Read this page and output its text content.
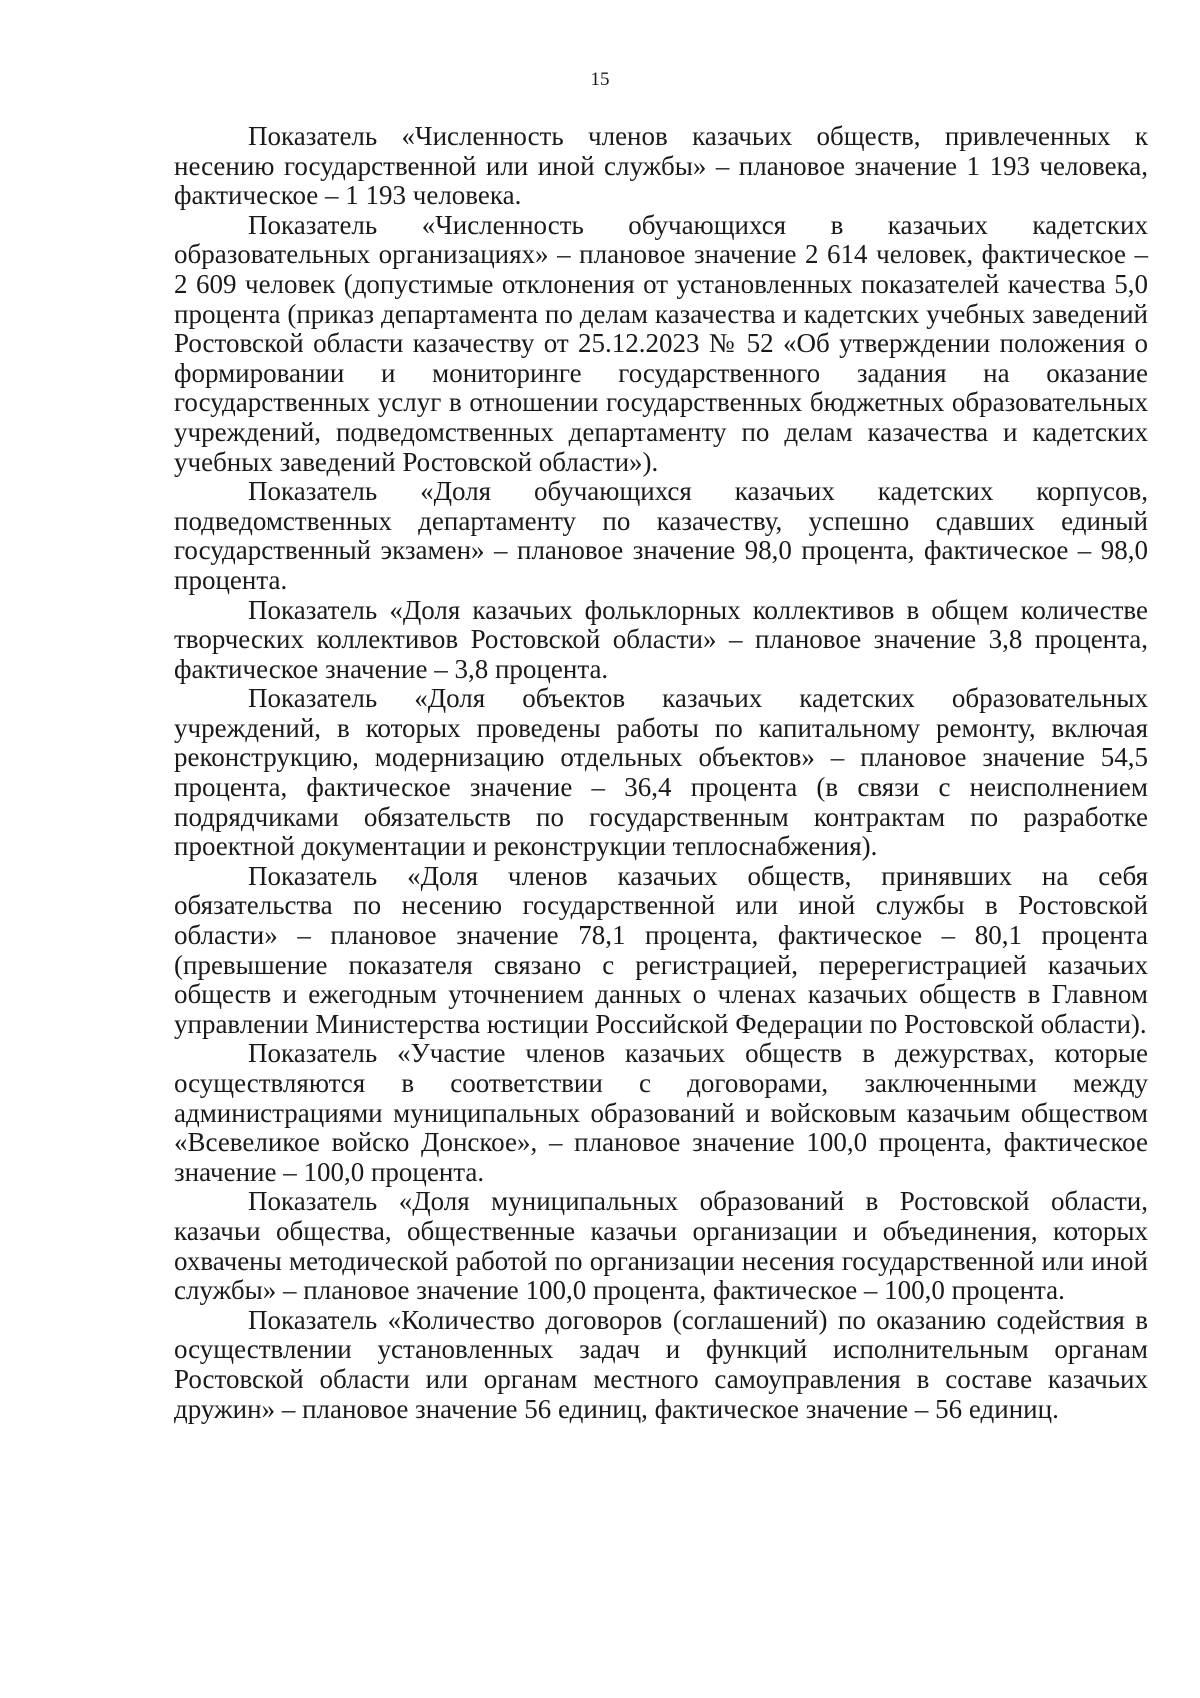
15

Показатель «Численность членов казачьих обществ, привлеченных к несению государственной или иной службы» – плановое значение 1 193 человека, фактическое – 1 193 человека.

Показатель «Численность обучающихся в казачьих кадетских образовательных организациях» – плановое значение 2 614 человек, фактическое – 2 609 человек (допустимые отклонения от установленных показателей качества 5,0 процента (приказ департамента по делам казачества и кадетских учебных заведений Ростовской области казачеству от 25.12.2023 № 52 «Об утверждении положения о формировании и мониторинге государственного задания на оказание государственных услуг в отношении государственных бюджетных образовательных учреждений, подведомственных департаменту по делам казачества и кадетских учебных заведений Ростовской области»).

Показатель «Доля обучающихся казачьих кадетских корпусов, подведомственных департаменту по казачеству, успешно сдавших единый государственный экзамен» – плановое значение 98,0 процента, фактическое – 98,0 процента.

Показатель «Доля казачьих фольклорных коллективов в общем количестве творческих коллективов Ростовской области» – плановое значение 3,8 процента, фактическое значение – 3,8 процента.

Показатель «Доля объектов казачьих кадетских образовательных учреждений, в которых проведены работы по капитальному ремонту, включая реконструкцию, модернизацию отдельных объектов» – плановое значение 54,5 процента, фактическое значение – 36,4 процента (в связи с неисполнением подрядчиками обязательств по государственным контрактам по разработке проектной документации и реконструкции теплоснабжения).

Показатель «Доля членов казачьих обществ, принявших на себя обязательства по несению государственной или иной службы в Ростовской области» – плановое значение 78,1 процента, фактическое – 80,1 процента (превышение показателя связано с регистрацией, перерегистрацией казачьих обществ и ежегодным уточнением данных о членах казачьих обществ в Главном управлении Министерства юстиции Российской Федерации по Ростовской области).

Показатель «Участие членов казачьих обществ в дежурствах, которые осуществляются в соответствии с договорами, заключенными между администрациями муниципальных образований и войсковым казачьим обществом «Всевеликое войско Донское», – плановое значение 100,0 процента, фактическое значение – 100,0 процента.

Показатель «Доля муниципальных образований в Ростовской области, казачьи общества, общественные казачьи организации и объединения, которых охвачены методической работой по организации несения государственной или иной службы» – плановое значение 100,0 процента, фактическое – 100,0 процента.

Показатель «Количество договоров (соглашений) по оказанию содействия в осуществлении установленных задач и функций исполнительным органам Ростовской области или органам местного самоуправления в составе казачьих дружин» – плановое значение 56 единиц, фактическое значение – 56 единиц.
